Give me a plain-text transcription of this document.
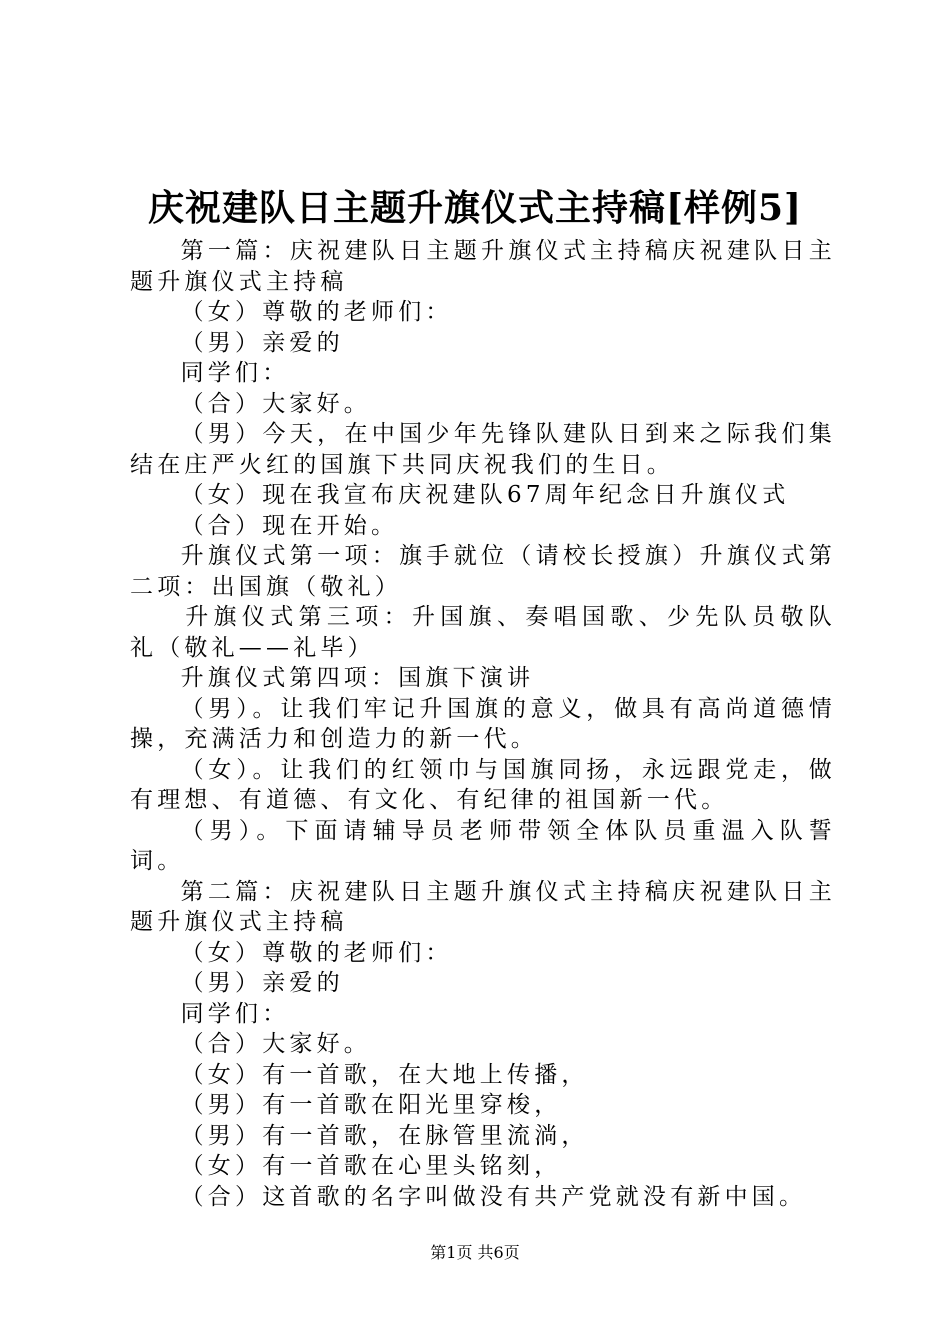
庆祝建队日主题升旗仪式主持稿[样例5]

第一篇：庆祝建队日主题升旗仪式主持稿庆祝建队日主题升旗仪式主持稿

（女）尊敬的老师们：

（男）亲爱的

同学们：

（合）大家好。

（男）今天，在中国少年先锋队建队日到来之际我们集结在庄严火红的国旗下共同庆祝我们的生日。

（女）现在我宣布庆祝建队67周年纪念日升旗仪式

（合）现在开始。

升旗仪式第一项：旗手就位（请校长授旗）升旗仪式第二项：出国旗（敬礼）

升旗仪式第三项：升国旗、奏唱国歌、少先队员敬队礼（敬礼——礼毕）

升旗仪式第四项：国旗下演讲

（男）。让我们牢记升国旗的意义，做具有高尚道德情操，充满活力和创造力的新一代。

（女）。让我们的红领巾与国旗同扬，永远跟党走，做有理想、有道德、有文化、有纪律的祖国新一代。

（男）。下面请辅导员老师带领全体队员重温入队誓词。

第二篇：庆祝建队日主题升旗仪式主持稿庆祝建队日主题升旗仪式主持稿

（女）尊敬的老师们：

（男）亲爱的

同学们：

（合）大家好。

（女）有一首歌，在大地上传播，

（男）有一首歌在阳光里穿梭，

（男）有一首歌，在脉管里流淌，

（女）有一首歌在心里头铭刻，

（合）这首歌的名字叫做没有共产党就没有新中国。

第1页 共6页
